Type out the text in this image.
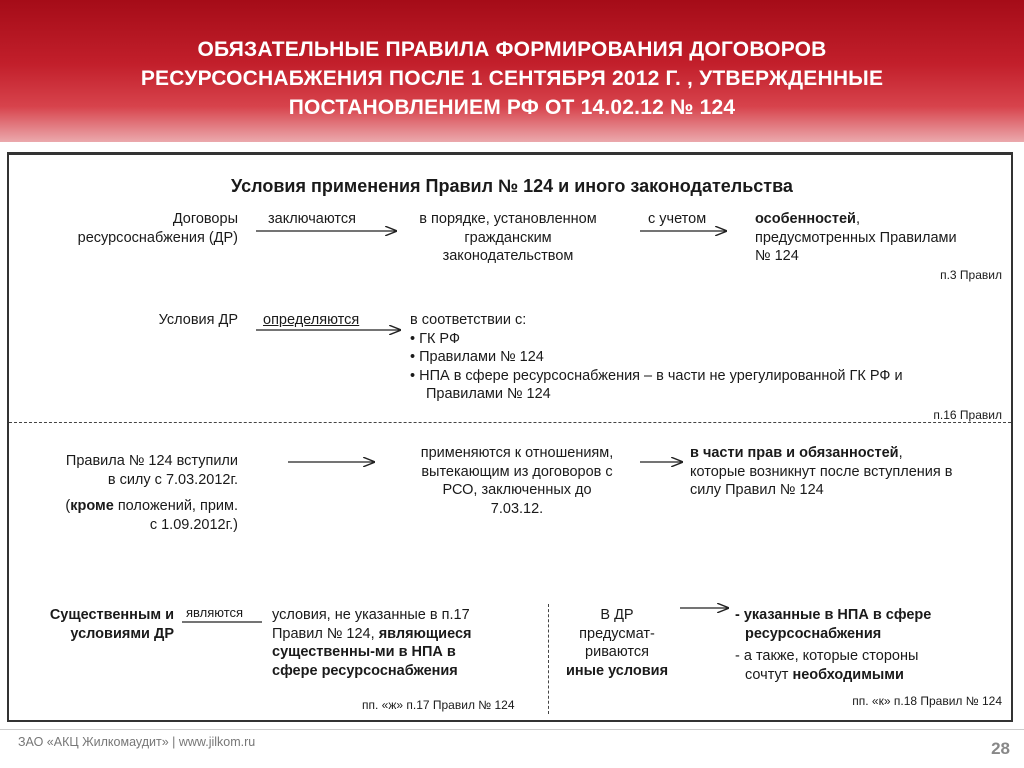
ОБЯЗАТЕЛЬНЫЕ ПРАВИЛА ФОРМИРОВАНИЯ ДОГОВОРОВ
РЕСУРСОСНАБЖЕНИЯ ПОСЛЕ 1 СЕНТЯБРЯ 2012 Г. , УТВЕРЖДЕННЫЕ
ПОСТАНОВЛЕНИЕМ РФ ОТ 14.02.12 № 124
Условия применения Правил № 124 и иного законодательства
Договоры
ресурсоснабжения (ДР)
заключаются	в порядке, установленном
гражданским
законодательством
с учетом	особенностей,
предусмотренных Правилами
№ 124
п.3 Правил
Условия ДР определяются	в соответствии с:
• ГК РФ
• Правилами № 124
• НПА в сфере ресурсоснабжения – в части не урегулированной ГК РФ и
Правилами № 124
п.16 Правил
Правила № 124 вступили
в силу с 7.03.2012г.
(кроме положений, прим.
с 1.09.2012г.)
применяются к отношениям,
вытекающим из договоров с
РСО, заключенных до
7.03.12.
в части прав и обязанностей,
которые возникнут после вступления в
силу Правил № 124
Существенным и
условиями ДР
являются условия, не указанные в п.17
Правил № 124, являющиеся
существенны-ми в НПА в
сфере ресурсоснабжения
пп. «ж» п.17 Правил № 124
В ДР
предусмат-
риваются
иные условия
- указанные в НПА в сфере
ресурсоснабжения
- а также, которые стороны
сочтут необходимыми
пп. «к» п.18 Правил № 124
ЗАО «АКЦ Жилкомаудит» | www.jilkom.ru	28
